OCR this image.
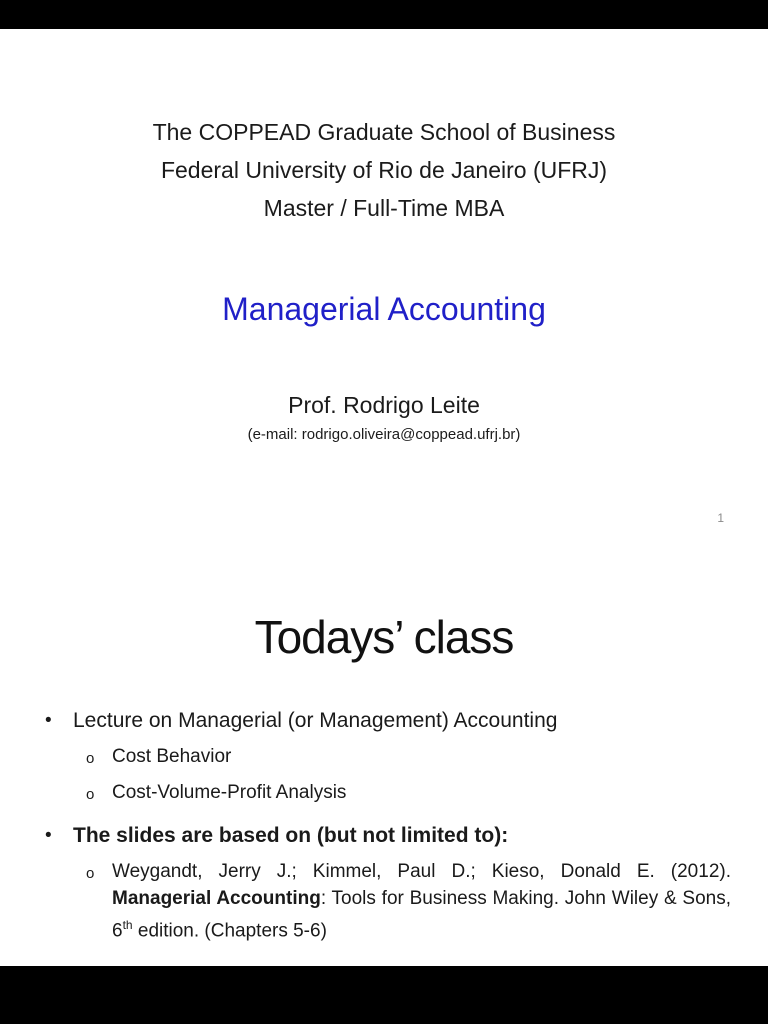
The COPPEAD Graduate School of Business
Federal University of Rio de Janeiro (UFRJ)
Master / Full-Time MBA
Managerial Accounting
Prof. Rodrigo Leite
(e-mail: rodrigo.oliveira@coppead.ufrj.br)
1
Todays’ class
•	Lecture on Managerial (or Management) Accounting
o Cost Behavior
o Cost-Volume-Profit Analysis
•	The slides are based on (but not limited to):
o Weygandt, Jerry J.; Kimmel, Paul D.; Kieso, Donald E. (2012).
Managerial Accounting: Tools for Business Making. John Wiley & Sons,
6th edition. (Chapters 5-6)
